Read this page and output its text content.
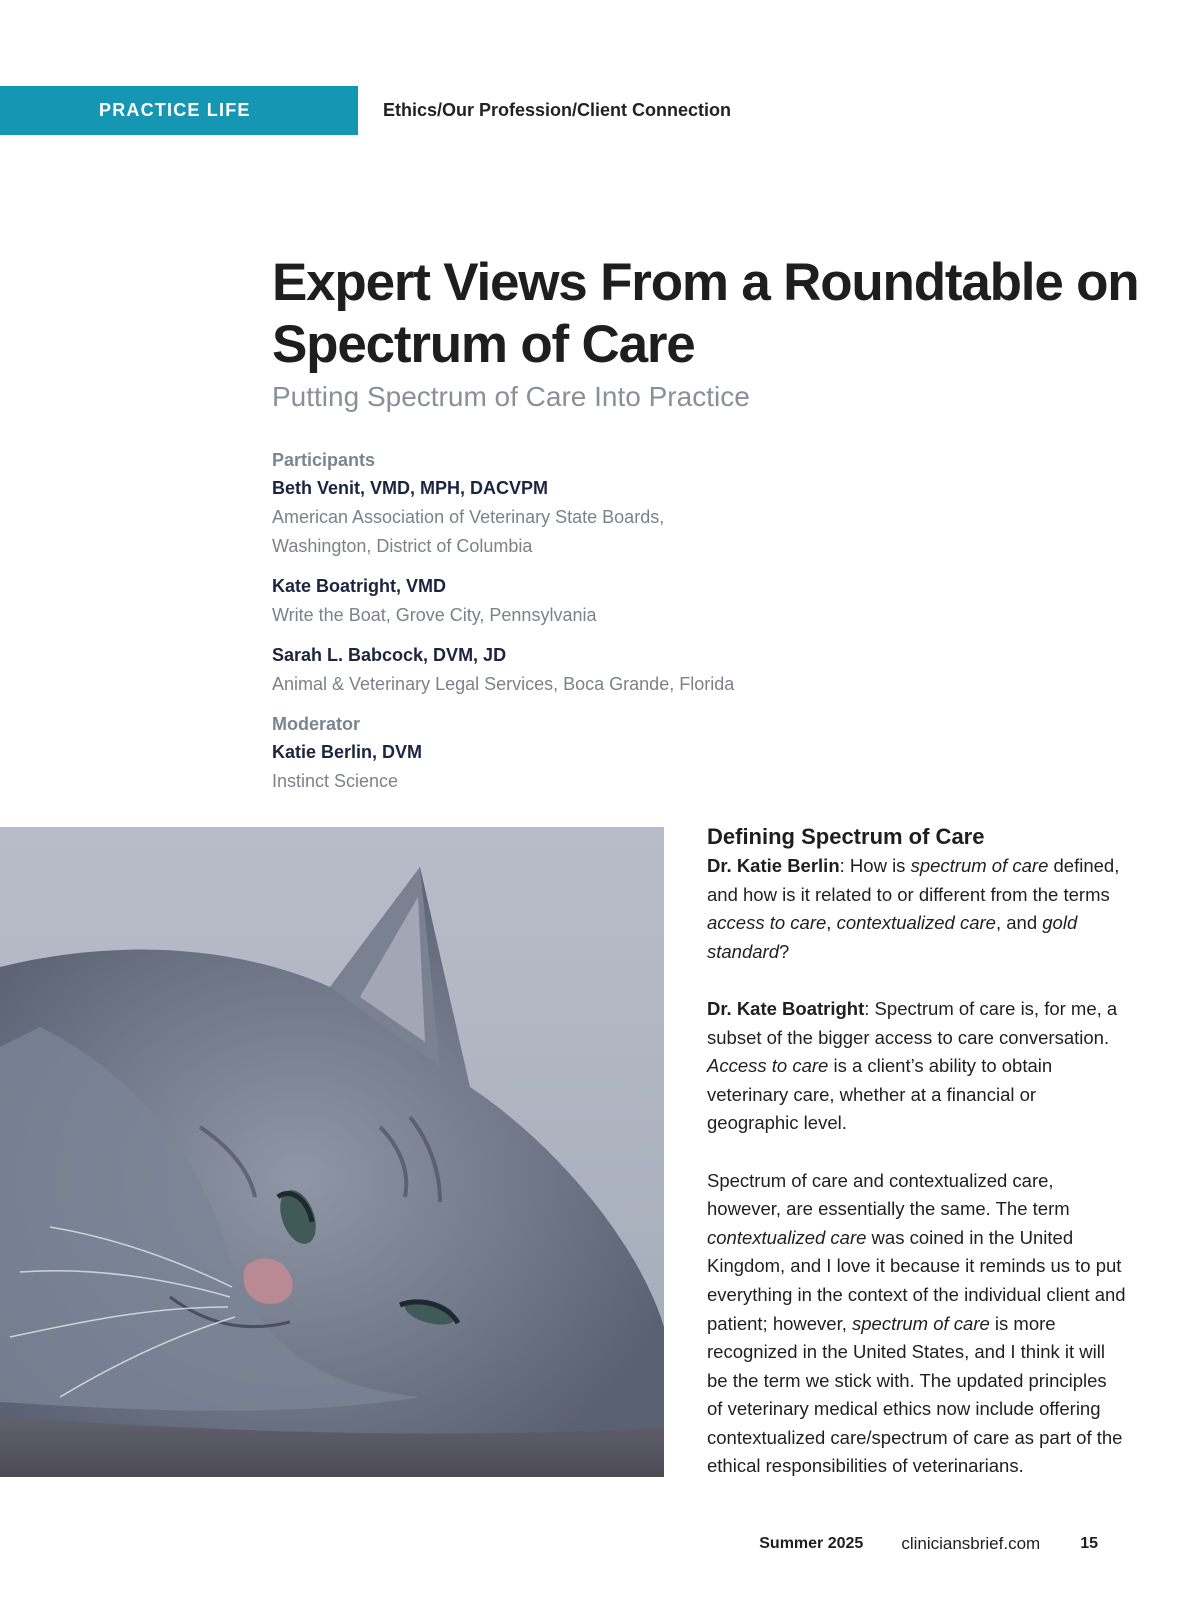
PRACTICE LIFE	Ethics/Our Profession/Client Connection
Expert Views From a Roundtable on Spectrum of Care
Putting Spectrum of Care Into Practice
Participants
Beth Venit, VMD, MPH, DACVPM
American Association of Veterinary State Boards,
Washington, District of Columbia
Kate Boatright, VMD
Write the Boat, Grove City, Pennsylvania
Sarah L. Babcock, DVM, JD
Animal & Veterinary Legal Services, Boca Grande, Florida
Moderator
Katie Berlin, DVM
Instinct Science
Defining Spectrum of Care

Dr. Katie Berlin: How is spectrum of care defined, and how is it related to or different from the terms access to care, contextualized care, and gold standard?

Dr. Kate Boatright: Spectrum of care is, for me, a subset of the bigger access to care conversation. Access to care is a client’s ability to obtain veterinary care, whether at a financial or geographic level.

Spectrum of care and contextualized care, however, are essentially the same. The term contextualized care was coined in the United Kingdom, and I love it because it reminds us to put everything in the context of the individual client and patient; however, spectrum of care is more recognized in the United States, and I think it will be the term we stick with. The updated principles of veterinary medical ethics now include offering contextualized care/spectrum of care as part of the ethical responsibilities of veterinarians.

Summer 2025 cliniciansbrief.com	15
